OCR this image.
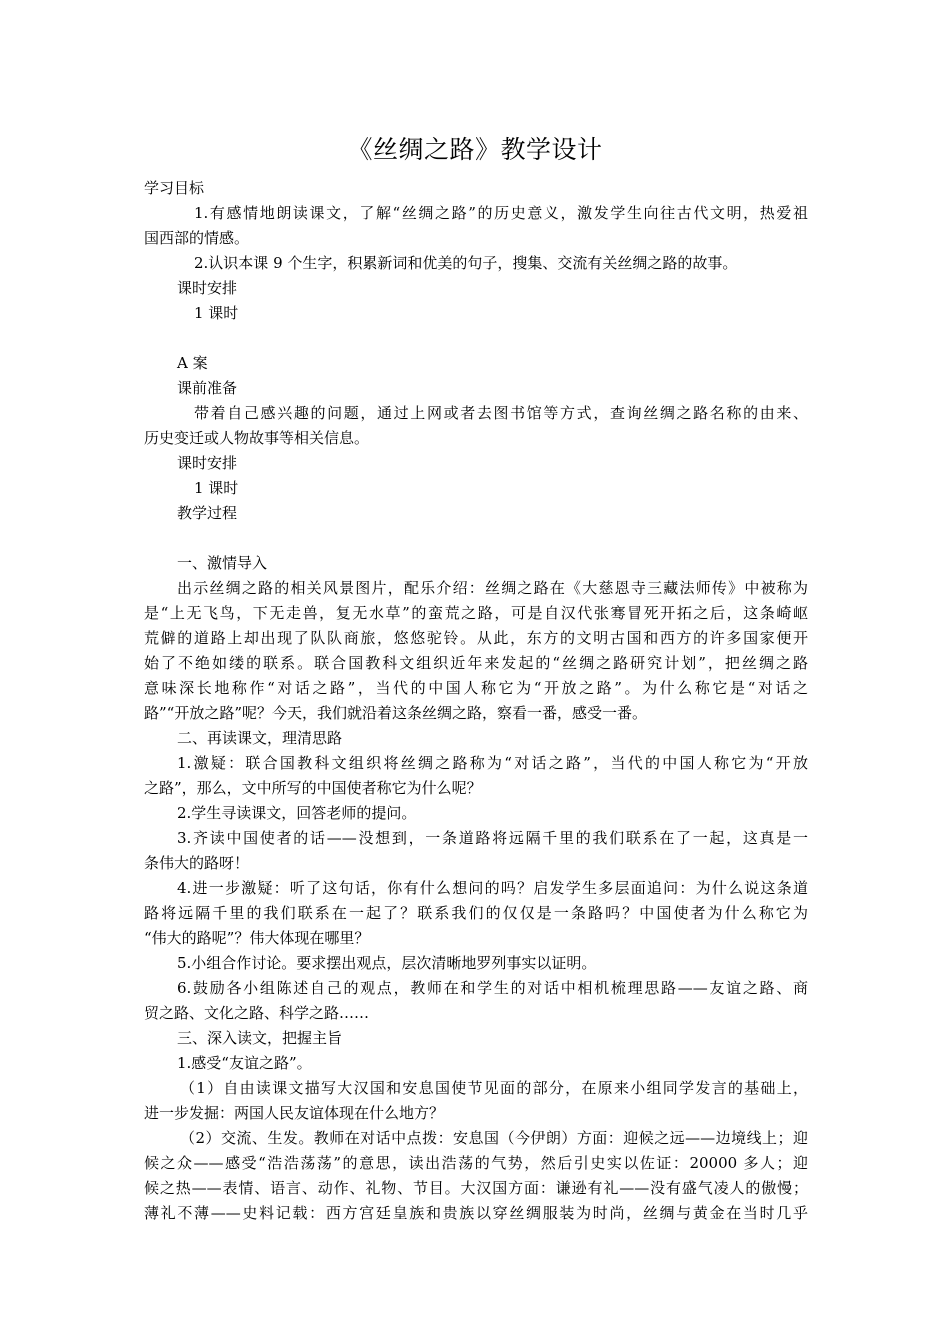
《丝绸之路》教学设计

学习目标

1.有感情地朗读课文，了解“丝绸之路”的历史意义，激发学生向往古代文明，热爱祖

国西部的情感。

2.认识本课 9 个生字，积累新词和优美的句子，搜集、交流有关丝绸之路的故事。

课时安排

1 课时

A 案

课前准备

带着自己感兴趣的问题，通过上网或者去图书馆等方式，查询丝绸之路名称的由来、

历史变迁或人物故事等相关信息。

课时安排

1 课时

教学过程

一、激情导入

出示丝绸之路的相关风景图片，配乐介绍：丝绸之路在《大慈恩寺三藏法师传》中被称为

是“上无飞鸟，下无走兽，复无水草”的蛮荒之路，可是自汉代张骞冒死开拓之后，这条崎岖

荒僻的道路上却出现了队队商旅，悠悠驼铃。从此，东方的文明古国和西方的许多国家便开

始了不绝如缕的联系。联合国教科文组织近年来发起的“丝绸之路研究计划”，把丝绸之路

意味深长地称作“对话之路”，当代的中国人称它为“开放之路”。为什么称它是“对话之

路”“开放之路”呢？今天，我们就沿着这条丝绸之路，察看一番，感受一番。

二、再读课文，理清思路

1.激疑：联合国教科文组织将丝绸之路称为“对话之路”，当代的中国人称它为“开放

之路”，那么，文中所写的中国使者称它为什么呢？

2.学生寻读课文，回答老师的提问。

3.齐读中国使者的话——没想到，一条道路将远隔千里的我们联系在了一起，这真是一

条伟大的路呀！

4.进一步激疑：听了这句话，你有什么想问的吗？启发学生多层面追问：为什么说这条道

路将远隔千里的我们联系在一起了？联系我们的仅仅是一条路吗？中国使者为什么称它为

“伟大的路呢”？伟大体现在哪里？

5.小组合作讨论。要求摆出观点，层次清晰地罗列事实以证明。

6.鼓励各小组陈述自己的观点，教师在和学生的对话中相机梳理思路——友谊之路、商

贸之路、文化之路、科学之路……

三、深入读文，把握主旨

1.感受“友谊之路”。

（1）自由读课文描写大汉国和安息国使节见面的部分，在原来小组同学发言的基础上，

进一步发掘：两国人民友谊体现在什么地方？

（2）交流、生发。教师在对话中点拨：安息国（今伊朗）方面：迎候之远——边境线上；迎

候之众——感受“浩浩荡荡”的意思，读出浩荡的气势，然后引史实以佐证：20000 多人；迎

候之热——表情、语言、动作、礼物、节目。大汉国方面：谦逊有礼——没有盛气凌人的傲慢；

薄礼不薄——史料记载：西方宫廷皇族和贵族以穿丝绸服装为时尚，丝绸与黄金在当时几乎
